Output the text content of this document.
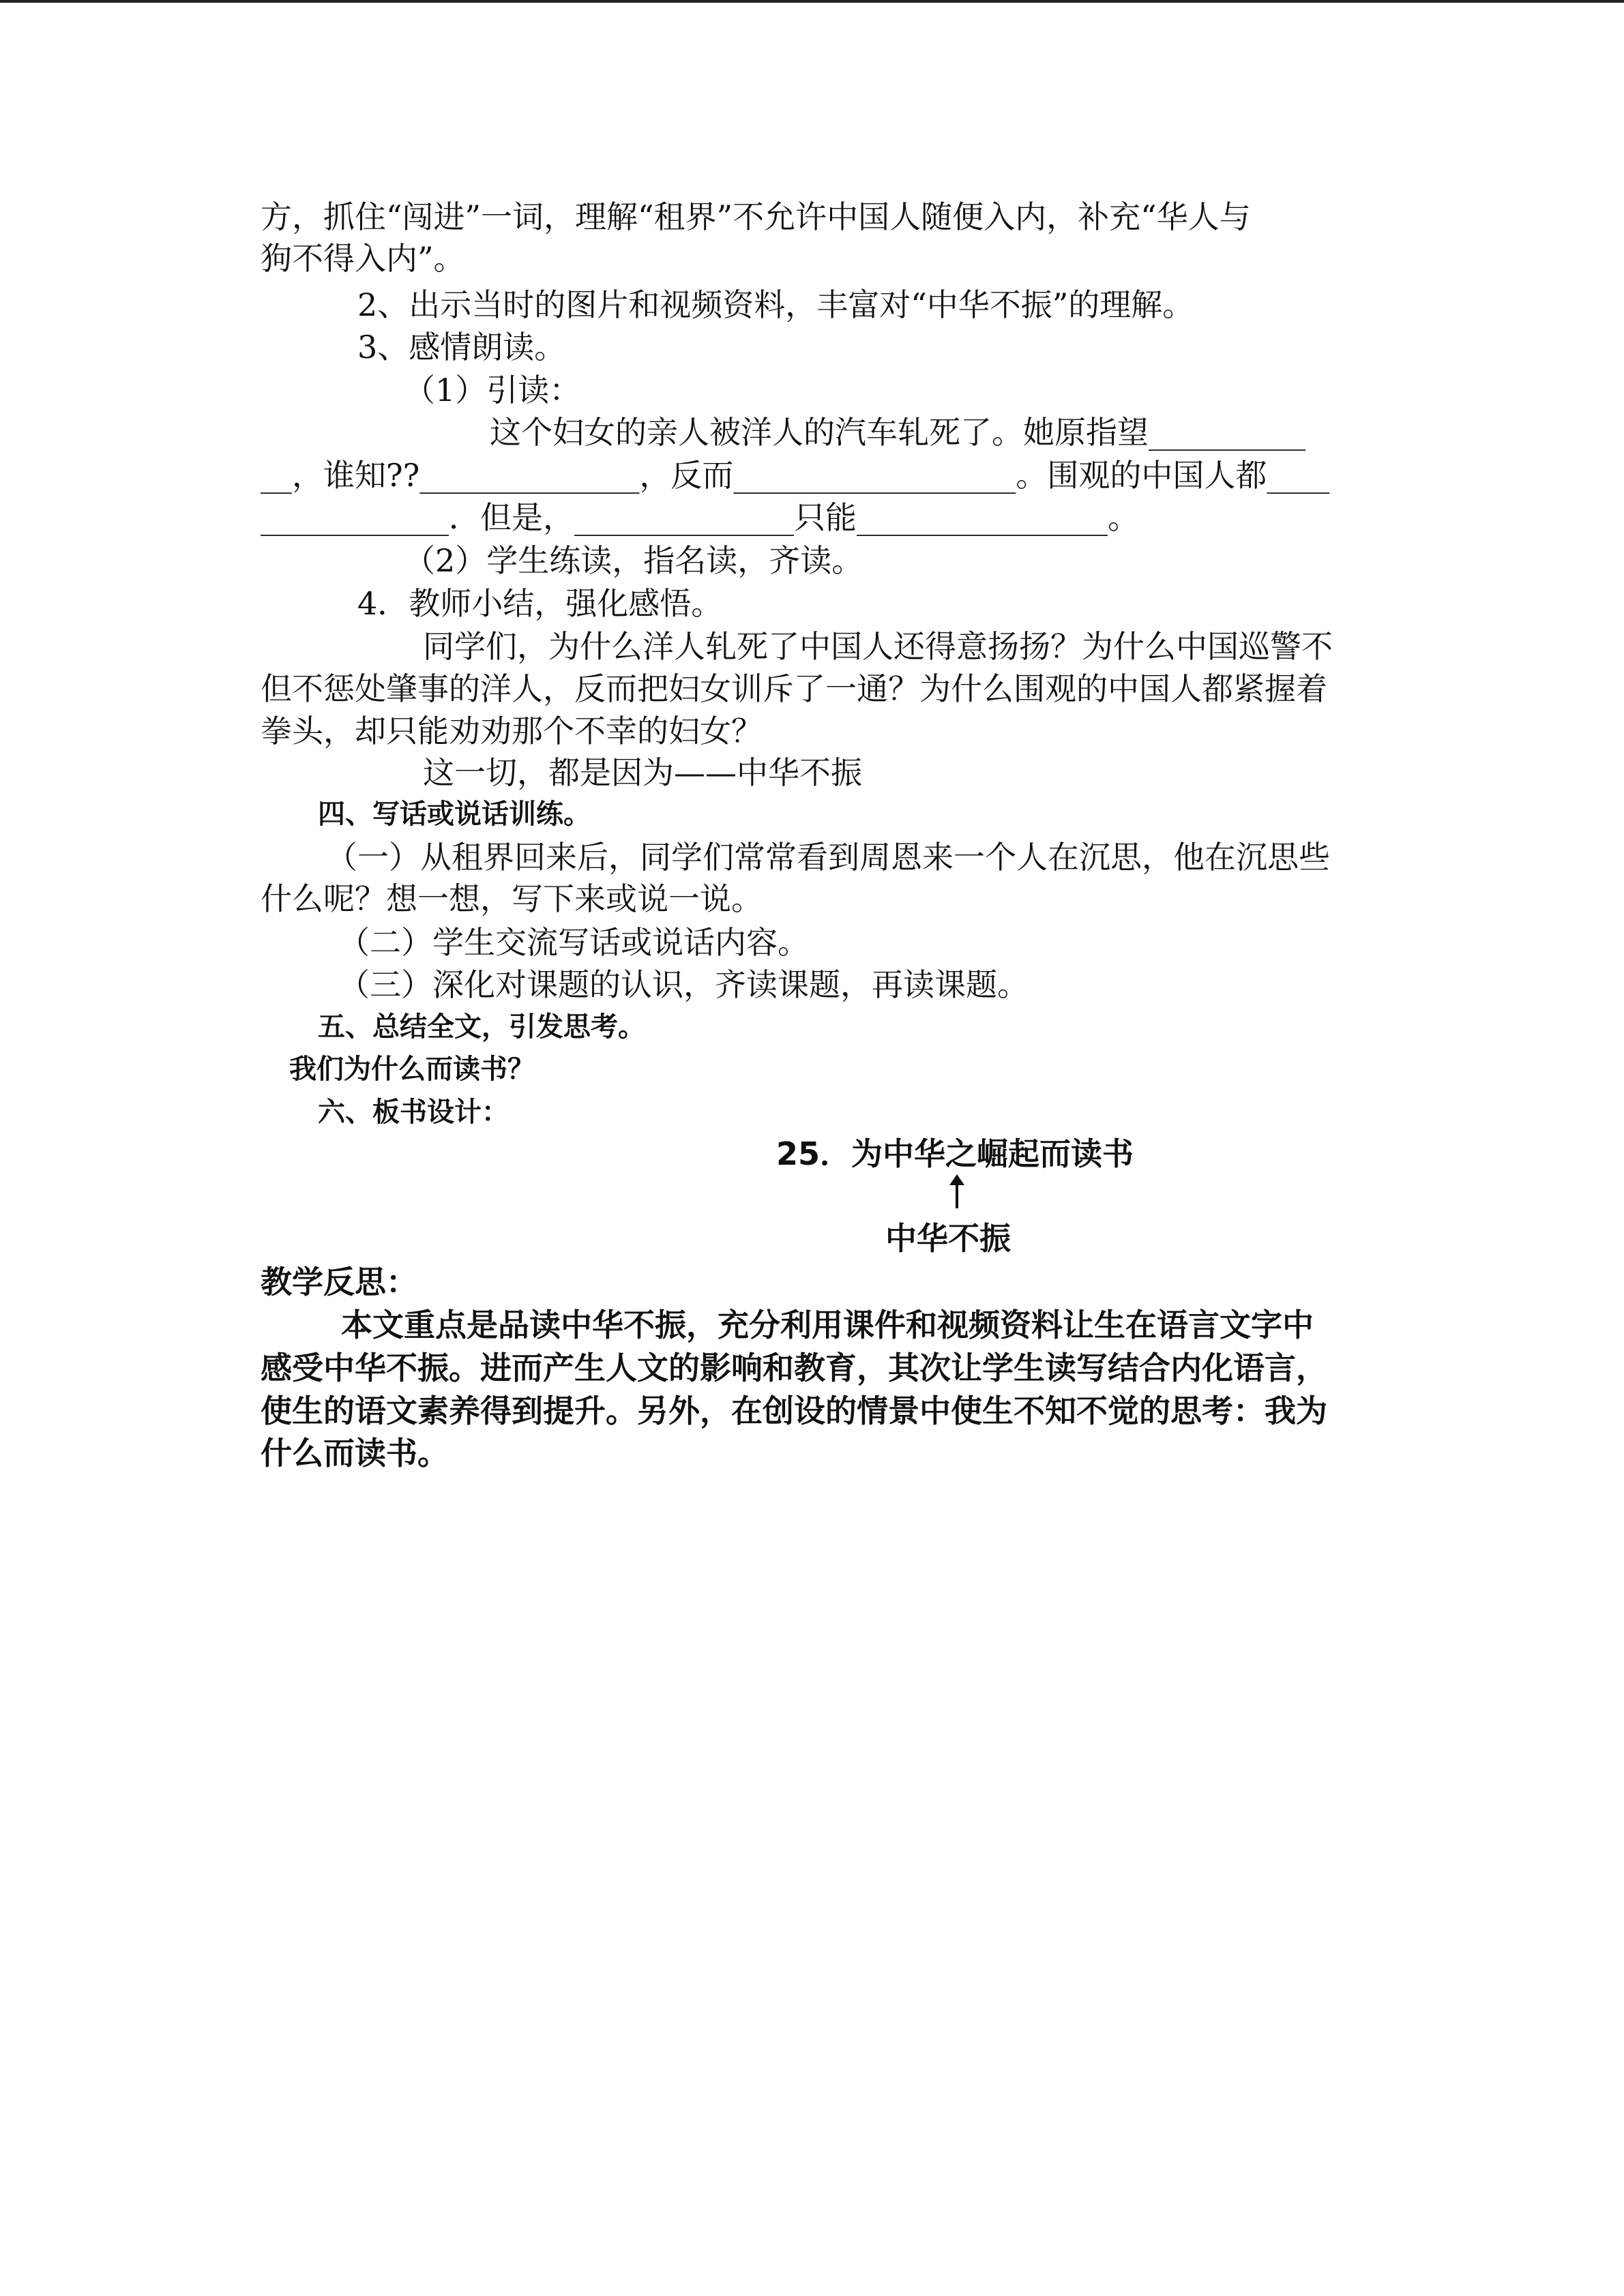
方，抓住“闯进”一词，理解“租界”不允许中国人随便入内，补充“华人与
狗不得入内”。
2、出示当时的图片和视频资料，丰富对“中华不振”的理解。
3、感情朗读。
（1）引读：
这个妇女的亲人被洋人的汽车轧死了。她原指望__________
__，谁知??______________，反而__________________。围观的中国人都____
____________．但是，______________只能________________。
（2）学生练读，指名读，齐读。
4．教师小结，强化感悟。
同学们，为什么洋人轧死了中国人还得意扬扬？为什么中国巡警不
但不惩处肇事的洋人，反而把妇女训斥了一通？为什么围观的中国人都紧握着
拳头，却只能劝劝那个不幸的妇女？
这一切，都是因为——中华不振
四、写话或说话训练。
（一）从租界回来后，同学们常常看到周恩来一个人在沉思，他在沉思些
什么呢？想一想，写下来或说一说。
（二）学生交流写话或说话内容。
（三）深化对课题的认识，齐读课题，再读课题。
五、总结全文，引发思考。
我们为什么而读书？
六、板书设计：
25．为中华之崛起而读书
中华不振
教学反思：
本文重点是品读中华不振，充分利用课件和视频资料让生在语言文字中
感受中华不振。进而产生人文的影响和教育，其次让学生读写结合内化语言，
使生的语文素养得到提升。另外，在创设的情景中使生不知不觉的思考：我为
什么而读书。
